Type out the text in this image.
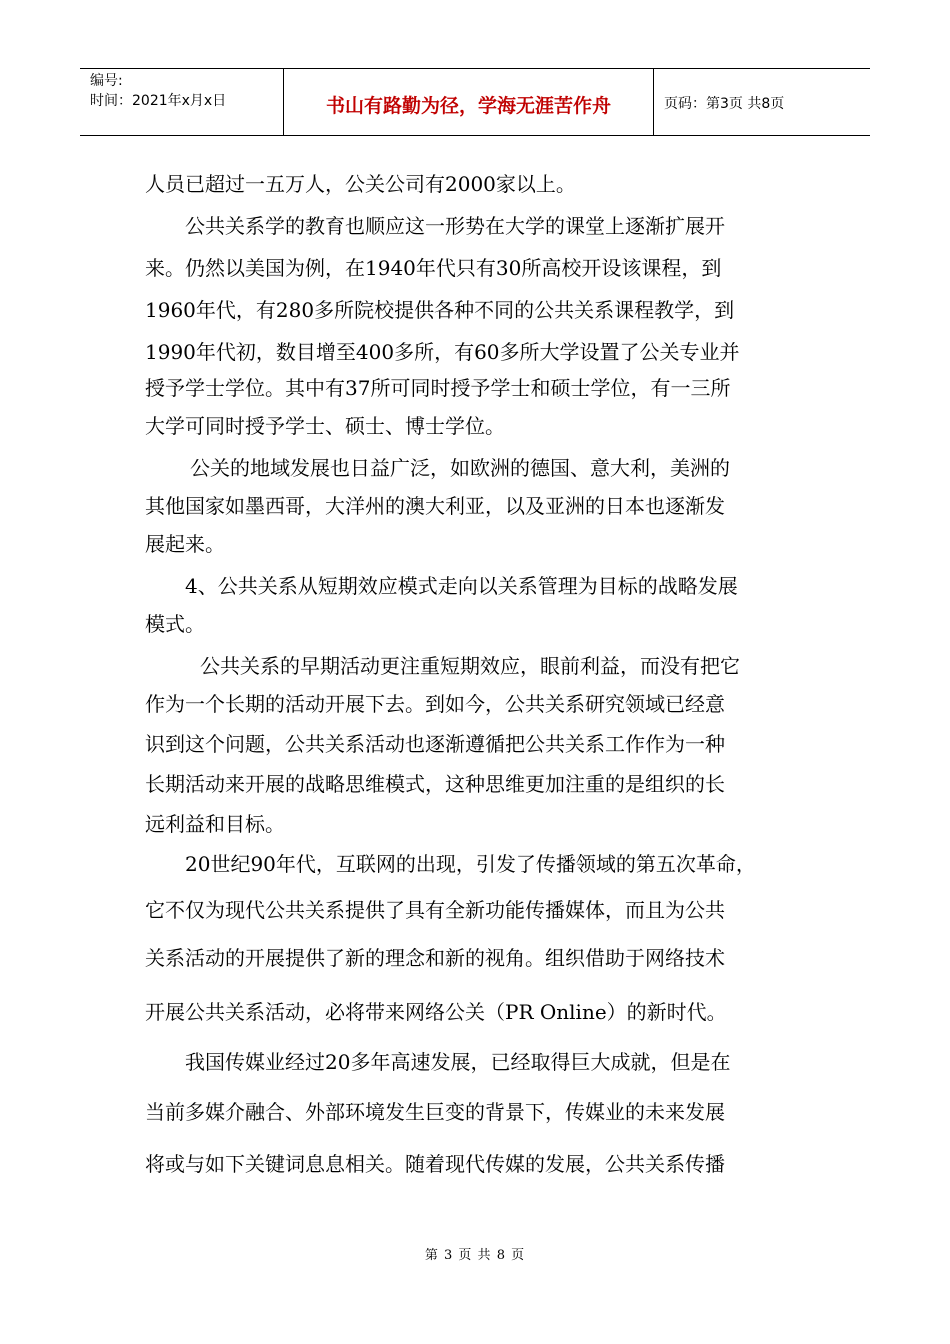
编号:
时间：2021年x月x日	书山有路勤为径，学海无涯苦作舟	页码：第3页 共8页
人员已超过一五万人，公关公司有2000家以上。
公共关系学的教育也顺应这一形势在大学的课堂上逐渐扩展开
来。仍然以美国为例，在1940年代只有30所高校开设该课程，到
1960年代，有280多所院校提供各种不同的公共关系课程教学，到
1990年代初，数目增至400多所，有60多所大学设置了公关专业并
授予学士学位。其中有37所可同时授予学士和硕士学位，有一三所
大学可同时授予学士、硕士、博士学位。
公关的地域发展也日益广泛，如欧洲的德国、意大利，美洲的
其他国家如墨西哥，大洋州的澳大利亚，以及亚洲的日本也逐渐发
展起来。
4、公共关系从短期效应模式走向以关系管理为目标的战略发展
模式。
公共关系的早期活动更注重短期效应，眼前利益，而没有把它
作为一个长期的活动开展下去。到如今，公共关系研究领域已经意
识到这个问题，公共关系活动也逐渐遵循把公共关系工作作为一种
长期活动来开展的战略思维模式，这种思维更加注重的是组织的长
远利益和目标。
20世纪90年代，互联网的出现，引发了传播领域的第五次革命，
它不仅为现代公共关系提供了具有全新功能传播媒体，而且为公共
关系活动的开展提供了新的理念和新的视角。组织借助于网络技术
开展公共关系活动，必将带来网络公关（PR Online）的新时代。
我国传媒业经过20多年高速发展，已经取得巨大成就，但是在
当前多媒介融合、外部环境发生巨变的背景下，传媒业的未来发展
将或与如下关键词息息相关。随着现代传媒的发展，公共关系传播
第 3 页 共 8 页
